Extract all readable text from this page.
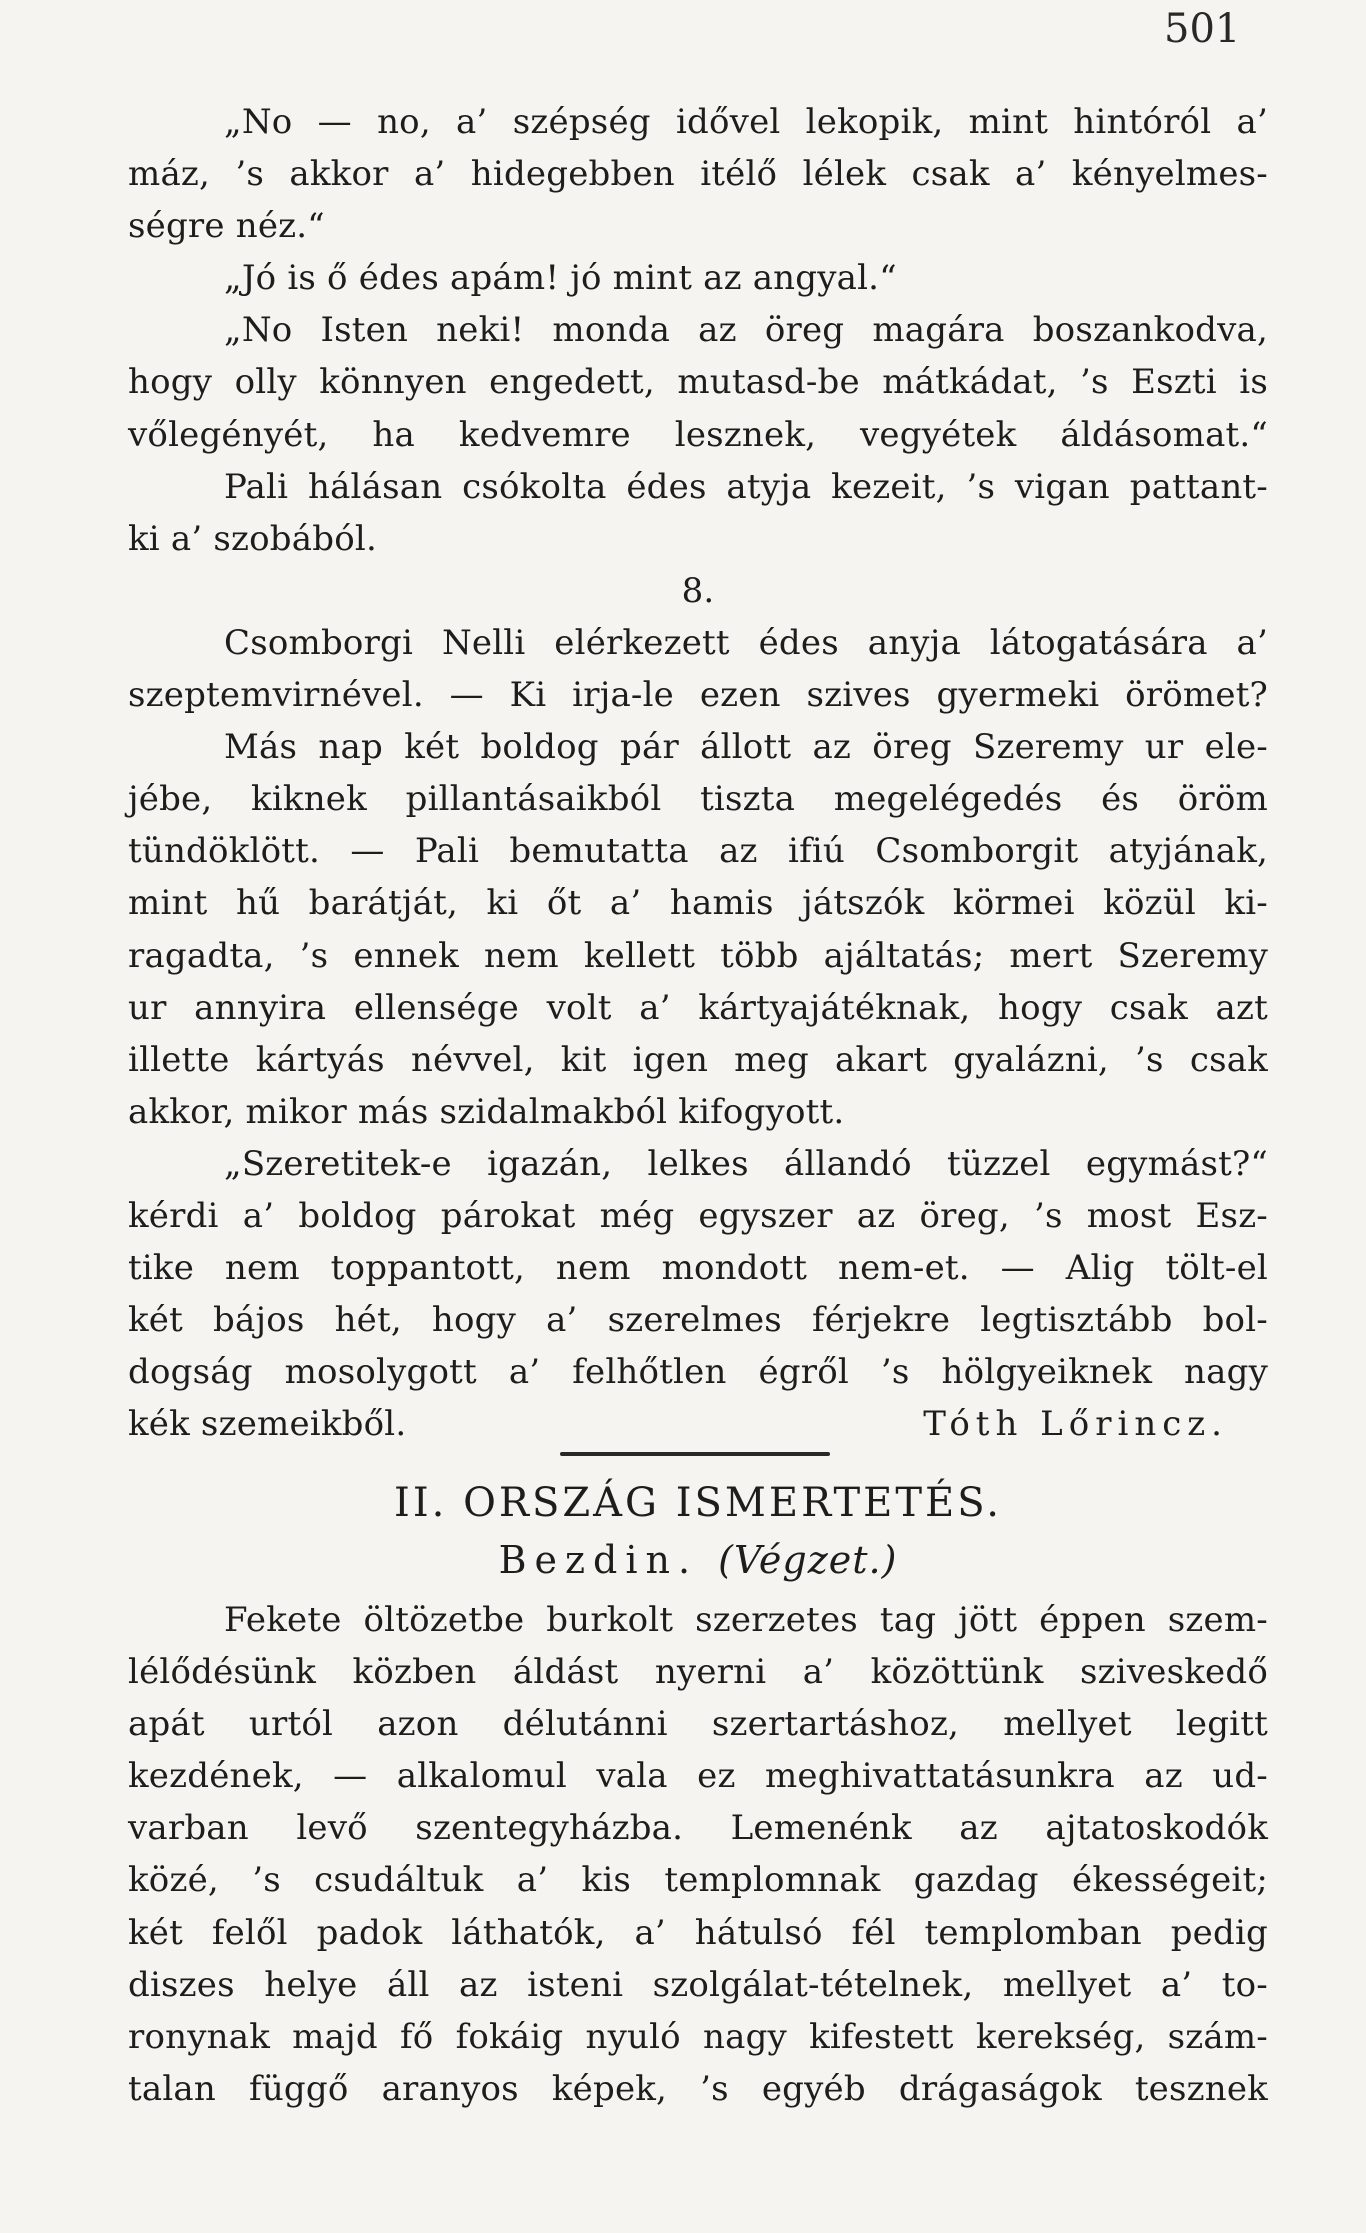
501
„No — no, a’ szépség idővel lekopik, mint hintóról a’
máz, ’s akkor a’ hidegebben itélő lélek csak a’ kényelmes-
ségre néz.“
„Jó is ő édes apám! jó mint az angyal.“
„No Isten neki! monda az öreg magára boszankodva,
hogy olly könnyen engedett, mutasd-be mátkádat, ’s Eszti is
vőlegényét, ha kedvemre lesznek, vegyétek áldásomat.“
Pali hálásan csókolta édes atyja kezeit, ’s vigan pattant-
ki a’ szobából.
8.
Csomborgi Nelli elérkezett édes anyja látogatására a’
szeptemvirnével. — Ki irja-le ezen szives gyermeki örömet?
Más nap két boldog pár állott az öreg Szeremy ur ele-
jébe, kiknek pillantásaikból tiszta megelégedés és öröm
tündöklött. — Pali bemutatta az ifiú Csomborgit atyjának,
mint hű barátját, ki őt a’ hamis játszók körmei közül ki-
ragadta, ’s ennek nem kellett több ajáltatás; mert Szeremy
ur annyira ellensége volt a’ kártyajátéknak, hogy csak azt
illette kártyás névvel, kit igen meg akart gyalázni, ’s csak
akkor, mikor más szidalmakból kifogyott.
„Szeretitek-e igazán, lelkes állandó tüzzel egymást?“
kérdi a’ boldog párokat még egyszer az öreg, ’s most Esz-
tike nem toppantott, nem mondott nem-et. — Alig tölt-el
két bájos hét, hogy a’ szerelmes férjekre legtisztább bol-
dogság mosolygott a’ felhőtlen égről ’s hölgyeiknek nagy
kék szemeikből.	Tóth Lőrincz.
II. ORSZÁG ISMERTETÉS.
Bezdin. (Végzet.)
Fekete öltözetbe burkolt szerzetes tag jött éppen szem-
lélődésünk közben áldást nyerni a’ közöttünk sziveskedő
apát urtól azon délutánni szertartáshoz, mellyet legitt
kezdének, — alkalomul vala ez meghivattatásunkra az ud-
varban levő szentegyházba. Lemenénk az ajtatoskodók
közé, ’s csudáltuk a’ kis templomnak gazdag ékességeit;
két felől padok láthatók, a’ hátulsó fél templomban pedig
diszes helye áll az isteni szolgálat-tételnek, mellyet a’ to-
ronynak majd fő fokáig nyuló nagy kifestett kerekség, szám-
talan függő aranyos képek, ’s egyéb drágaságok tesznek
